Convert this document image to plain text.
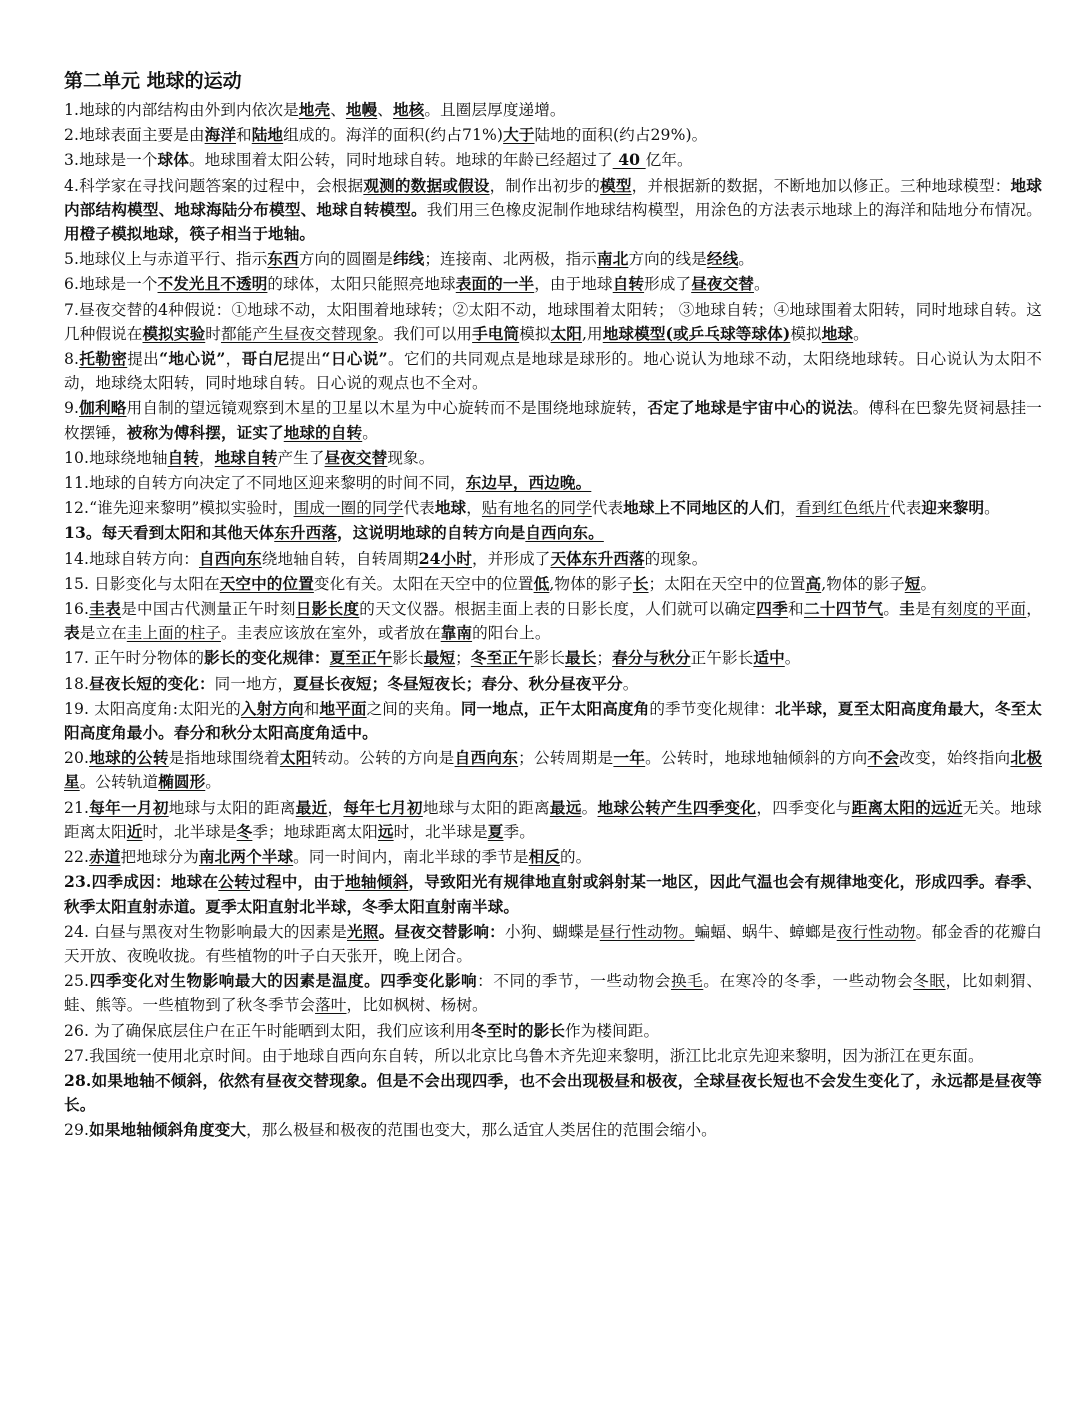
第二单元 地球的运动

1.地球的内部结构由外到内依次是地壳、地幔、地核。且圈层厚度递增。

2.地球表面主要是由海洋和陆地组成的。海洋的面积(约占71%)大于陆地的面积(约占29%)。

3.地球是一个球体。地球围着太阳公转，同时地球自转。地球的年龄已经超过了 40 亿年。

4.科学家在寻找问题答案的过程中，会根据观测的数据或假设，制作出初步的模型，并根据新的数据，不断地加以修正。三种地球模型：地球内部结构模型、地球海陆分布模型、地球自转模型。我们用三色橡皮泥制作地球结构模型，用涂色的方法表示地球上的海洋和陆地分布情况。用橙子模拟地球，筷子相当于地轴。

5.地球仪上与赤道平行、指示东西方向的圆圈是纬线；连接南、北两极，指示南北方向的线是经线。

6.地球是一个不发光且不透明的球体，太阳只能照亮地球表面的一半，由于地球自转形成了昼夜交替。

7.昼夜交替的4种假说：①地球不动，太阳围着地球转；②太阳不动，地球围着太阳转； ③地球自转；④地球围着太阳转，同时地球自转。这几种假说在模拟实验时都能产生昼夜交替现象。我们可以用手电筒模拟太阳,用地球模型(或乒乓球等球体)模拟地球。

8.托勒密提出“地心说”，哥白尼提出“日心说”。它们的共同观点是地球是球形的。地心说认为地球不动，太阳绕地球转。日心说认为太阳不动，地球绕太阳转，同时地球自转。日心说的观点也不全对。

9.伽利略用自制的望远镜观察到木星的卫星以木星为中心旋转而不是围绕地球旋转，否定了地球是宇宙中心的说法。傅科在巴黎先贤祠悬挂一枚摆锤，被称为傅科摆，证实了地球的自转。

10.地球绕地轴自转，地球自转产生了昼夜交替现象。

11.地球的自转方向决定了不同地区迎来黎明的时间不同，东边早，西边晚。

12.“谁先迎来黎明”模拟实验时，围成一圈的同学代表地球，贴有地名的同学代表地球上不同地区的人们，看到红色纸片代表迎来黎明。

13。每天看到太阳和其他天体东升西落，这说明地球的自转方向是自西向东。

14.地球自转方向：自西向东绕地轴自转，自转周期24小时，并形成了天体东升西落的现象。

15. 日影变化与太阳在天空中的位置变化有关。太阳在天空中的位置低,物体的影子长；太阳在天空中的位置高,物体的影子短。

16.圭表是中国古代测量正午时刻日影长度的天文仪器。根据圭面上表的日影长度，人们就可以确定四季和二十四节气。圭是有刻度的平面，表是立在圭上面的柱子。圭表应该放在室外，或者放在靠南的阳台上。

17. 正午时分物体的影长的变化规律：夏至正午影长最短；冬至正午影长最长；春分与秋分正午影长适中。

18.昼夜长短的变化：同一地方，夏昼长夜短；冬昼短夜长；春分、秋分昼夜平分。

19. 太阳高度角:太阳光的入射方向和地平面之间的夹角。同一地点，正午太阳高度角的季节变化规律：北半球，夏至太阳高度角最大，冬至太阳高度角最小。春分和秋分太阳高度角适中。

20.地球的公转是指地球围绕着太阳转动。公转的方向是自西向东；公转周期是一年。公转时，地球地轴倾斜的方向不会改变，始终指向北极星。公转轨道椭圆形。

21.每年一月初地球与太阳的距离最近，每年七月初地球与太阳的距离最远。地球公转产生四季变化，四季变化与距离太阳的远近无关。地球距离太阳近时，北半球是冬季；地球距离太阳远时，北半球是夏季。

22.赤道把地球分为南北两个半球。同一时间内，南北半球的季节是相反的。

23.四季成因：地球在公转过程中，由于地轴倾斜，导致阳光有规律地直射或斜射某一地区，因此气温也会有规律地变化，形成四季。春季、秋季太阳直射赤道。夏季太阳直射北半球，冬季太阳直射南半球。

24. 白昼与黑夜对生物影响最大的因素是光照。昼夜交替影响：小狗、蝴蝶是昼行性动物。蝙蝠、蜗牛、蟑螂是夜行性动物。郁金香的花瓣白天开放、夜晚收拢。有些植物的叶子白天张开，晚上闭合。

25.四季变化对生物影响最大的因素是温度。四季变化影响：不同的季节，一些动物会换毛。在寒冷的冬季，一些动物会冬眠，比如刺猬、蛙、熊等。一些植物到了秋冬季节会落叶，比如枫树、杨树。

26. 为了确保底层住户在正午时能晒到太阳，我们应该利用冬至时的影长作为楼间距。

27.我国统一使用北京时间。由于地球自西向东自转，所以北京比乌鲁木齐先迎来黎明，浙江比北京先迎来黎明，因为浙江在更东面。

28.如果地轴不倾斜，依然有昼夜交替现象。但是不会出现四季，也不会出现极昼和极夜，全球昼夜长短也不会发生变化了，永远都是昼夜等长。

29.如果地轴倾斜角度变大，那么极昼和极夜的范围也变大，那么适宜人类居住的范围会缩小。
